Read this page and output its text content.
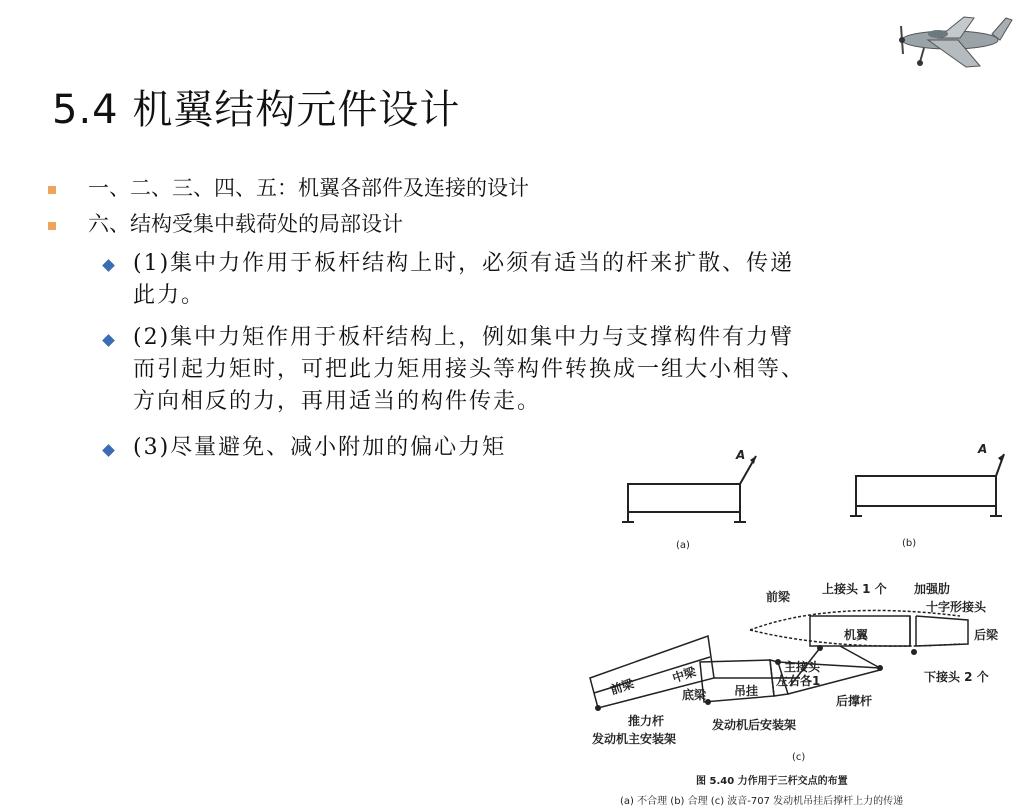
5.4 机翼结构元件设计
一、二、三、四、五：机翼各部件及连接的设计
六、结构受集中载荷处的局部设计
(1)集中力作用于板杆结构上时，必须有适当的杆来扩散、传递
此力。
(2)集中力矩作用于板杆结构上，例如集中力与支撑构件有力臂
而引起力矩时，可把此力矩用接头等构件转换成一组大小相等、
方向相反的力，再用适当的构件传走。
(3)尽量避免、减小附加的偏心力矩	A	A
(a)	(b)
前梁
上接头 1 个 加强肋
十字形接头
机翼	后梁
主接头
左右各1	下接头 2 个
前梁
中梁
底梁 吊挂
后撑杆
推力杆
发动机主安装架
发动机后安装架
(c)
图 5.40 力作用于三杆交点的布置
(a) 不合理 (b) 合理 (c) 波音-707 发动机吊挂后撑杆上力的传递
